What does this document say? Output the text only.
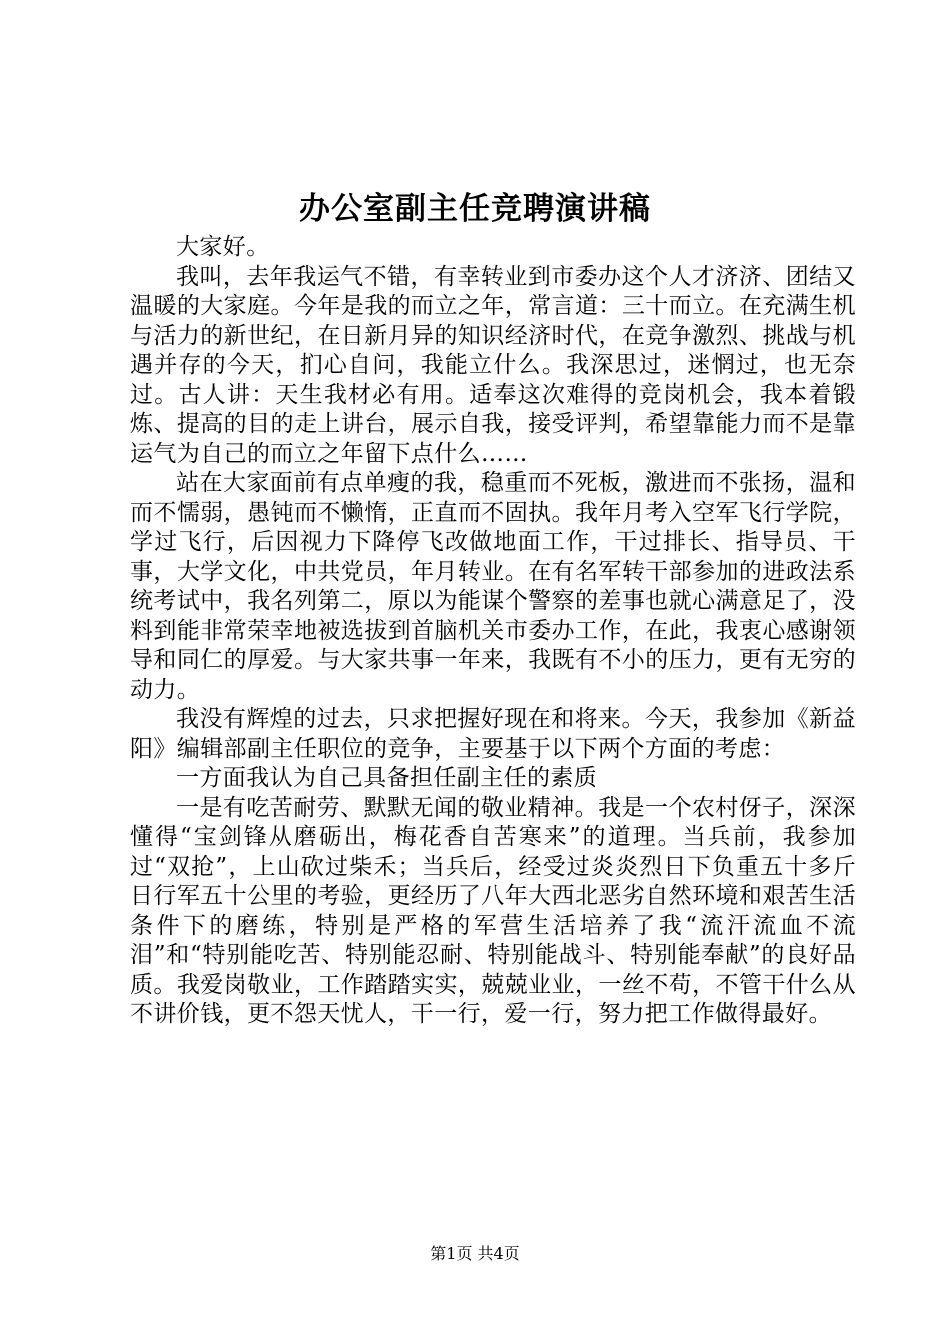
办公室副主任竞聘演讲稿

大家好。

我叫，去年我运气不错，有幸转业到市委办这个人才济济、团结又温暖的大家庭。今年是我的而立之年，常言道：三十而立。在充满生机与活力的新世纪，在日新月异的知识经济时代，在竞争激烈、挑战与机遇并存的今天，扪心自问，我能立什么。我深思过，迷惘过，也无奈过。古人讲：天生我材必有用。适奉这次难得的竞岗机会，我本着锻炼、提高的目的走上讲台，展示自我，接受评判，希望靠能力而不是靠运气为自己的而立之年留下点什么……

站在大家面前有点单瘦的我，稳重而不死板，激进而不张扬，温和而不懦弱，愚钝而不懒惰，正直而不固执。我年月考入空军飞行学院，学过飞行，后因视力下降停飞改做地面工作，干过排长、指导员、干事，大学文化，中共党员，年月转业。在有名军转干部参加的进政法系统考试中，我名列第二，原以为能谋个警察的差事也就心满意足了，没料到能非常荣幸地被选拔到首脑机关市委办工作，在此，我衷心感谢领导和同仁的厚爱。与大家共事一年来，我既有不小的压力，更有无穷的动力。

我没有辉煌的过去，只求把握好现在和将来。今天，我参加《新益阳》编辑部副主任职位的竞争，主要基于以下两个方面的考虑：

一方面我认为自己具备担任副主任的素质

一是有吃苦耐劳、默默无闻的敬业精神。我是一个农村伢子，深深懂得“宝剑锋从磨砺出，梅花香自苦寒来”的道理。当兵前，我参加过“双抢”，上山砍过柴禾；当兵后，经受过炎炎烈日下负重五十多斤日行军五十公里的考验，更经历了八年大西北恶劣自然环境和艰苦生活条件下的磨练，特别是严格的军营生活培养了我“流汗流血不流泪”和“特别能吃苦、特别能忍耐、特别能战斗、特别能奉献”的良好品质。我爱岗敬业，工作踏踏实实，兢兢业业，一丝不苟，不管干什么从不讲价钱，更不怨天忧人，干一行，爱一行，努力把工作做得最好。

第1页 共4页
